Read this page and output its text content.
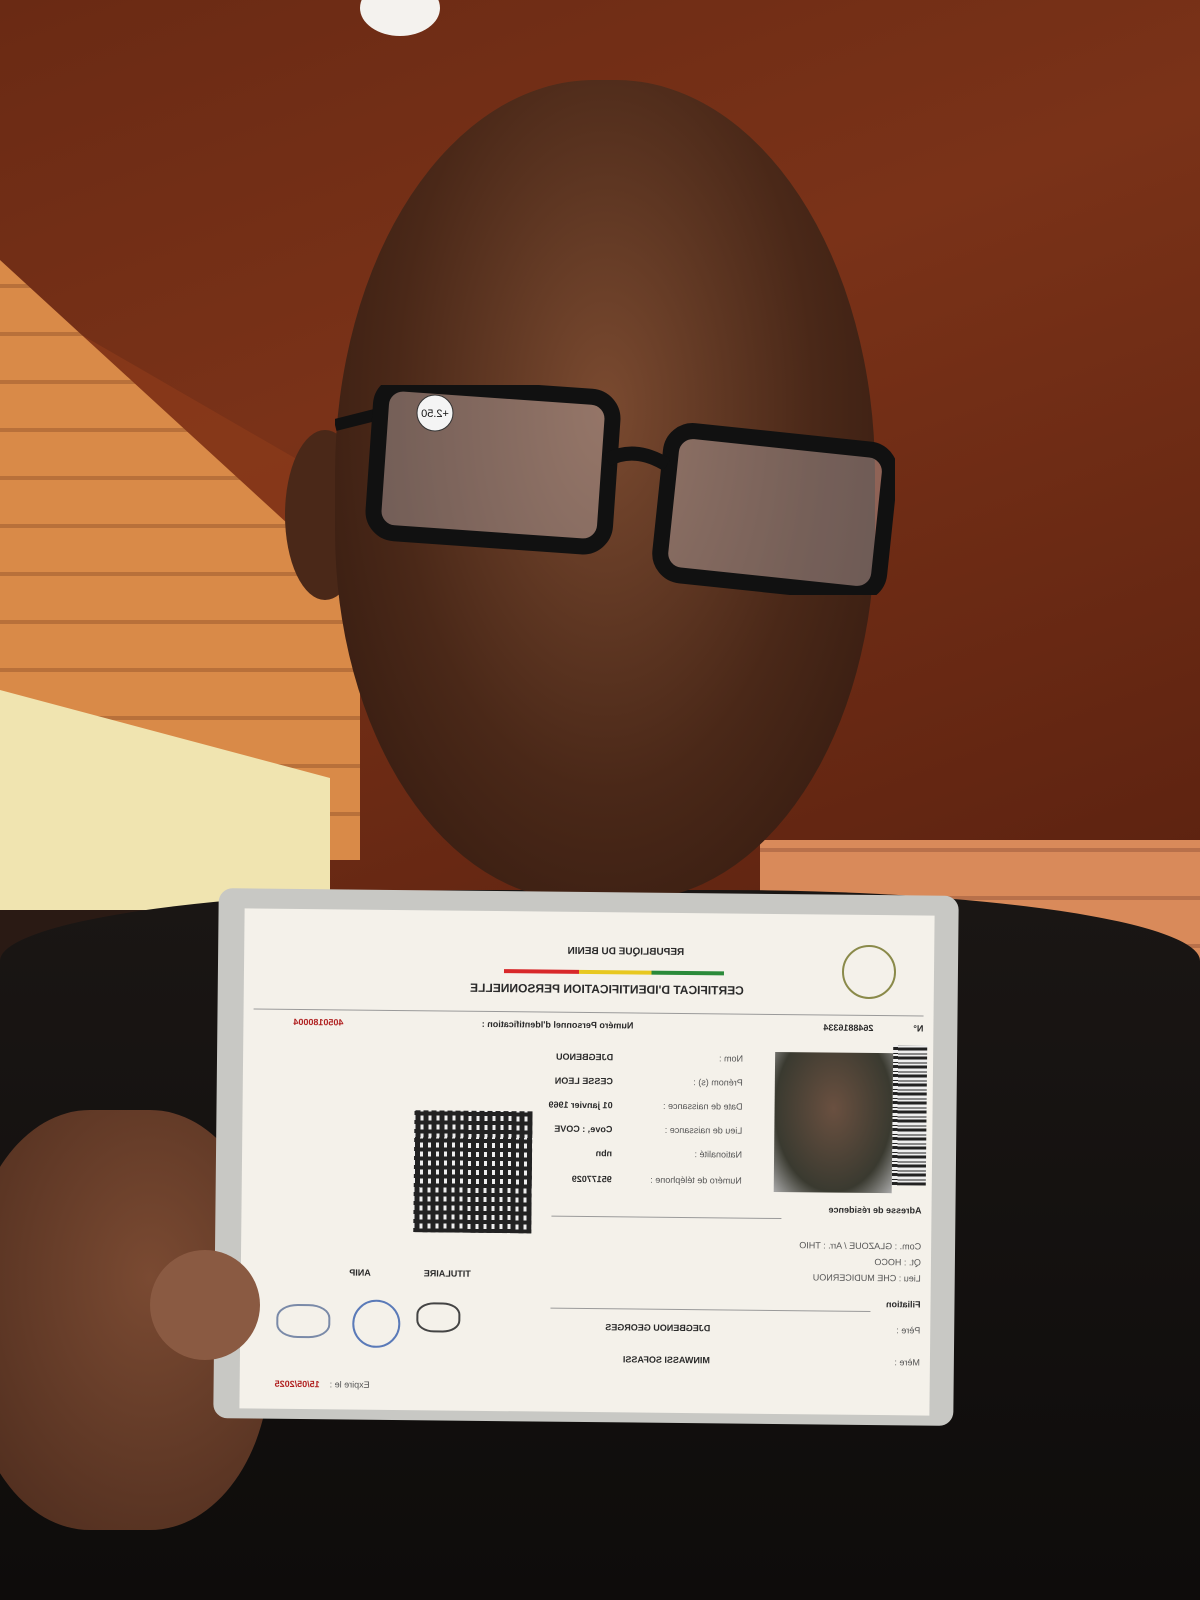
+2.50
REPUBLIQUE DU BENIN
CERTIFICAT D'IDENTIFICATION PERSONNELLE
N°
2648816334
Numéro Personnel d'Identification :
4050180004
Nom :
DJEGBENOU
Prénom (s) :
CESSE LEON
Date de naissance :
01 janvier 1969
Lieu de naissance :
Cove, : COVE
Nationalité :
nbn
Numéro de téléphone :
95177029
Adresse de résidence
Com. : GLAZOUE / Arr. : THIO
Qt. : HOCO
Lieu : CHE MUDICERNOU
TITULAIRE
ANIP
Filiation
Père :
DJEGBENOU GEORGES
Mère :
MINWASSI SOFASSI
Expire le :
15/05/2025
